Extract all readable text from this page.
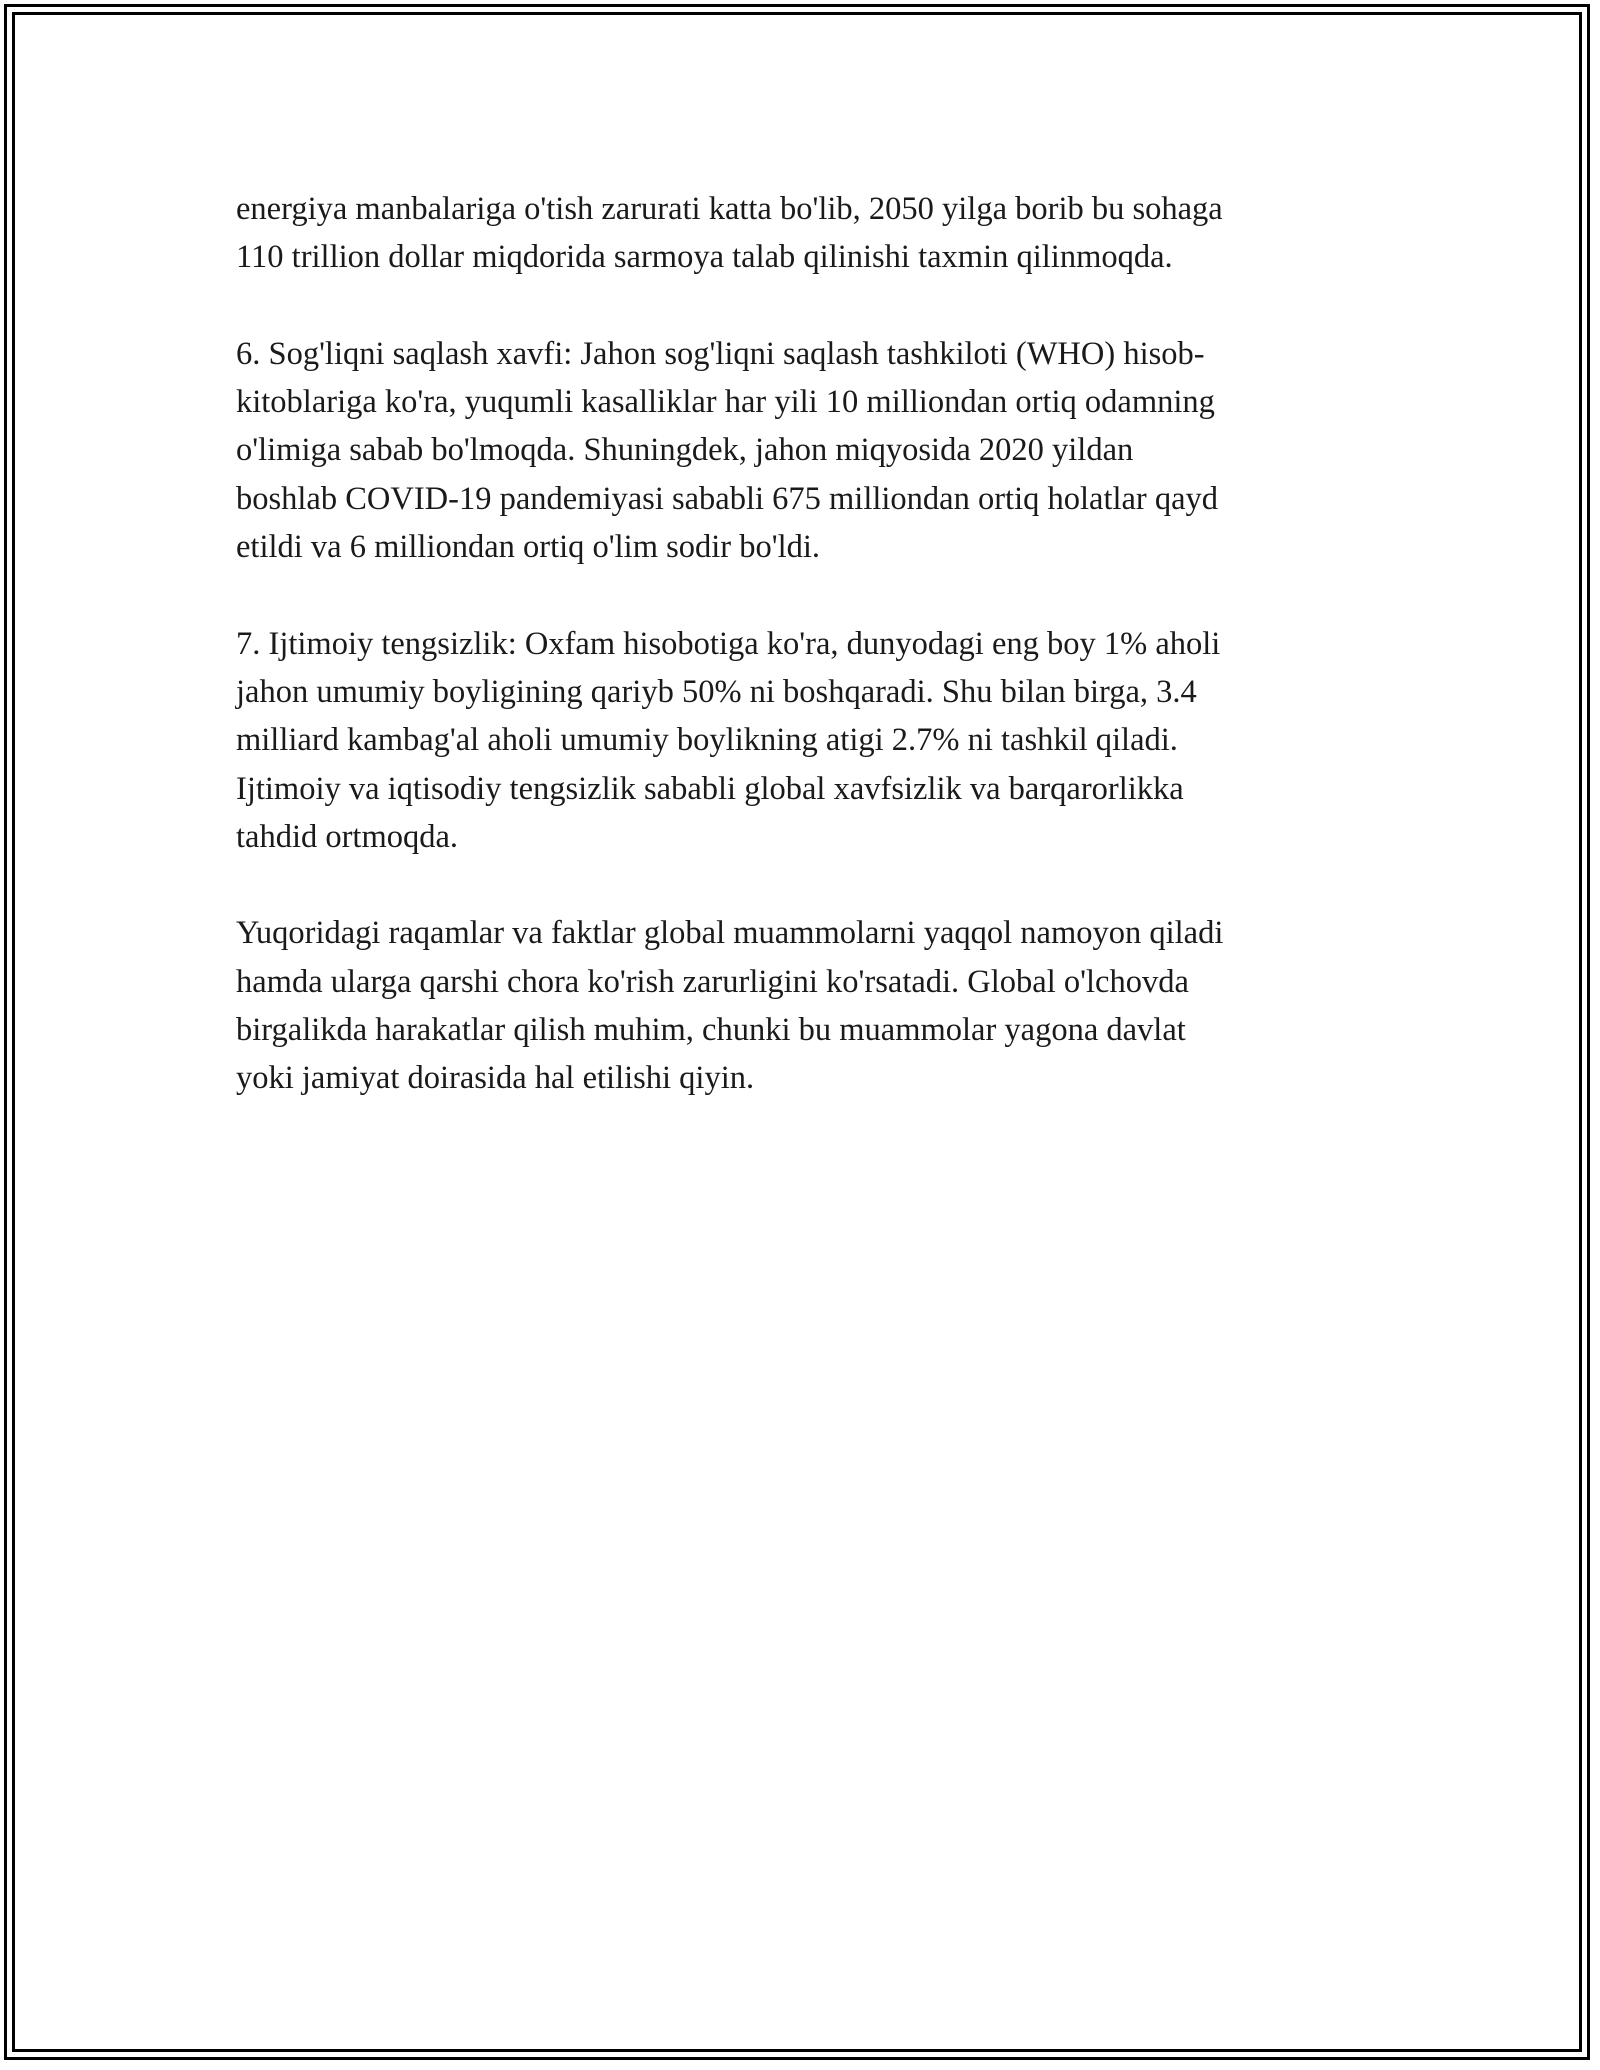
energiya manbalariga o'tish zarurati katta bo'lib, 2050 yilga borib bu sohaga
110 trillion dollar miqdorida sarmoya talab qilinishi taxmin qilinmoqda.

6. Sog'liqni saqlash xavfi: Jahon sog'liqni saqlash tashkiloti (WHO) hisob-
kitoblariga ko'ra, yuqumli kasalliklar har yili 10 milliondan ortiq odamning
o'limiga sabab bo'lmoqda. Shuningdek, jahon miqyosida 2020 yildan
boshlab COVID-19 pandemiyasi sababli 675 milliondan ortiq holatlar qayd
etildi va 6 milliondan ortiq o'lim sodir bo'ldi.

7. Ijtimoiy tengsizlik: Oxfam hisobotiga ko'ra, dunyodagi eng boy 1% aholi
jahon umumiy boyligining qariyb 50% ni boshqaradi. Shu bilan birga, 3.4
milliard kambag'al aholi umumiy boylikning atigi 2.7% ni tashkil qiladi.
Ijtimoiy va iqtisodiy tengsizlik sababli global xavfsizlik va barqarorlikka
tahdid ortmoqda.

Yuqoridagi raqamlar va faktlar global muammolarni yaqqol namoyon qiladi
hamda ularga qarshi chora ko'rish zarurligini ko'rsatadi. Global o'lchovda
birgalikda harakatlar qilish muhim, chunki bu muammolar yagona davlat
yoki jamiyat doirasida hal etilishi qiyin.
